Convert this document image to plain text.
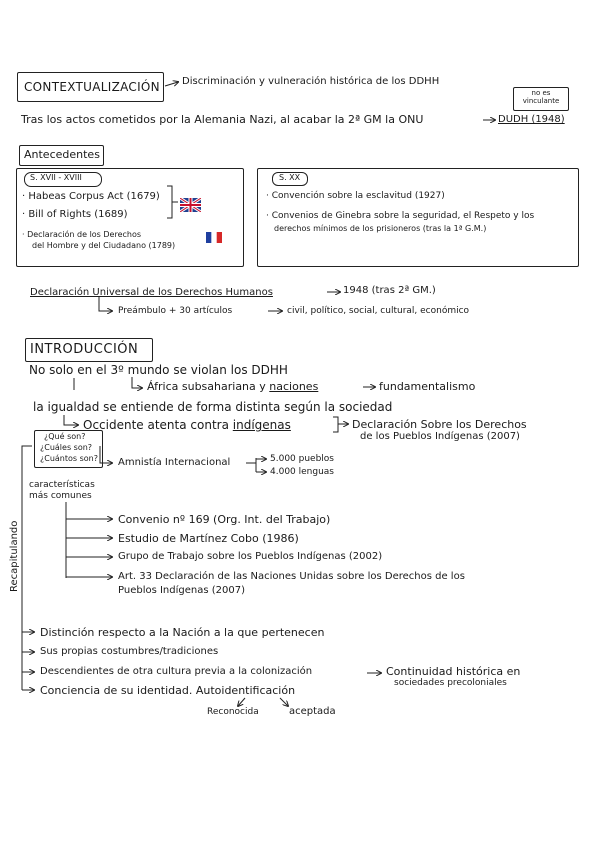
CONTEXTUALIZACIÓN Discriminación y vulneración histórica de los DDHH
no es vinculante
Tras los actos cometidos por la Alemania Nazi, al acabar la 2ª GM la ONU	DUDH (1948)
Antecedentes
S. XVII - XVIII
· Habeas Corpus Act (1679)
· Bill of Rights (1689)
· Declaración de los Derechos
del Hombre y del Ciudadano (1789)
S. XX
· Convención sobre la esclavitud (1927)
· Convenios de Ginebra sobre la seguridad, el Respeto y los
derechos mínimos de los prisioneros (tras la 1ª G.M.)
Declaración Universal de los Derechos Humanos	1948 (tras 2ª GM.)
Preámbulo + 30 artículos	civil, político, social, cultural, económico
INTRODUCCIÓN
No solo en el 3º mundo se violan los DDHH
África subsahariana y naciones	fundamentalismo
la igualdad se entiende de forma distinta según la sociedad
Occidente atenta contra indígenas	Declaración Sobre los Derechos
de los Pueblos Indígenas (2007)
¿Qué son?
¿Cuáles son?
¿Cuántos son? Amnistía Internacional	5.000 pueblos
4.000 lenguas
características
más comunes
Convenio nº 169 (Org. Int. del Trabajo)
Estudio de Martínez Cobo (1986)
Grupo de Trabajo sobre los Pueblos Indígenas (2002)
Art. 33 Declaración de las Naciones Unidas sobre los Derechos de los
Pueblos Indígenas (2007)
Recapitulando
Distinción respecto a la Nación a la que pertenecen
Sus propias costumbres/tradiciones
Descendientes de otra cultura previa a la colonización
Conciencia de su identidad. Autoidentificación
Continuidad histórica en
sociedades precoloniales
Reconocida	aceptada
